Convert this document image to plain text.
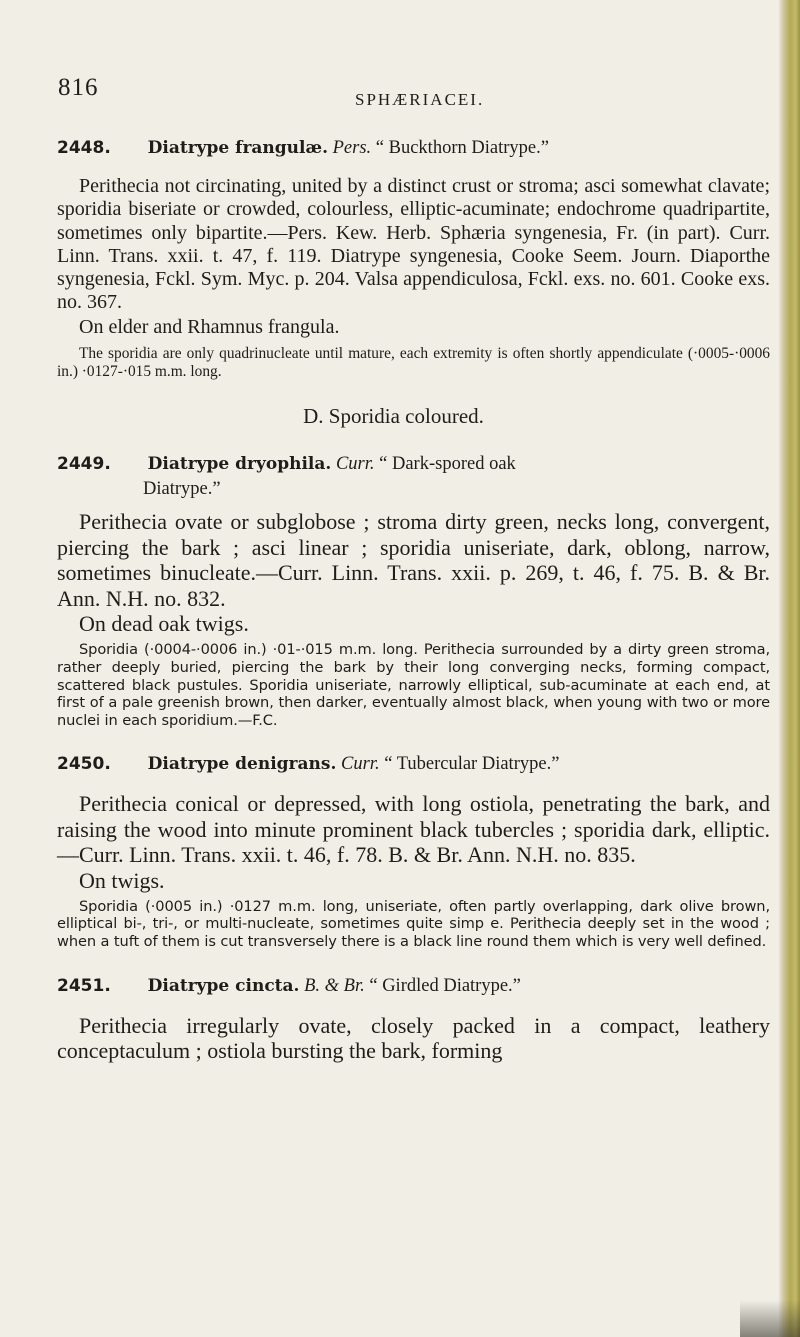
816	SPHÆRIACEI.

2448. Diatrype frangulæ. Pers. “ Buckthorn Diatrype.”

Perithecia not circinating, united by a distinct crust or stroma; asci somewhat clavate; sporidia biseriate or crowded, colourless, elliptic-acuminate; endochrome quadripartite, sometimes only bipartite.—Pers. Kew. Herb. Sphæria syngenesia, Fr. (in part). Curr. Linn. Trans. xxii. t. 47, f. 119. Diatrype syngenesia, Cooke Seem. Journ. Diaporthe syngenesia, Fckl. Sym. Myc. p. 204. Valsa appendiculosa, Fckl. exs. no. 601. Cooke exs. no. 367.

On elder and Rhamnus frangula.

The sporidia are only quadrinucleate until mature, each extremity is often shortly appendiculate (·0005-·0006 in.) ·0127-·015 m.m. long.

D. Sporidia coloured.

2449. Diatrype dryophila. Curr. “ Dark-spored oak

Diatrype.”

Perithecia ovate or subglobose ; stroma dirty green, necks long, convergent, piercing the bark ; asci linear ; sporidia uniseriate, dark, oblong, narrow, sometimes binucleate.—Curr. Linn. Trans. xxii. p. 269, t. 46, f. 75. B. & Br. Ann. N.H. no. 832.

On dead oak twigs.

Sporidia (·0004-·0006 in.) ·01-·015 m.m. long. Perithecia surrounded by a dirty green stroma, rather deeply buried, piercing the bark by their long converging necks, forming compact, scattered black pustules. Sporidia uniseriate, narrowly elliptical, sub-acuminate at each end, at first of a pale greenish brown, then darker, eventually almost black, when young with two or more nuclei in each sporidium.—F.C.

2450. Diatrype denigrans. Curr. “ Tubercular Diatrype.”

Perithecia conical or depressed, with long ostiola, penetrating the bark, and raising the wood into minute prominent black tubercles ; sporidia dark, elliptic.—Curr. Linn. Trans. xxii. t. 46, f. 78. B. & Br. Ann. N.H. no. 835.

On twigs.

Sporidia (·0005 in.) ·0127 m.m. long, uniseriate, often partly overlapping, dark olive brown, elliptical bi-, tri-, or multi-nucleate, sometimes quite simp e. Perithecia deeply set in the wood ; when a tuft of them is cut transversely there is a black line round them which is very well defined.

2451. Diatrype cincta. B. & Br. “ Girdled Diatrype.”

Perithecia irregularly ovate, closely packed in a compact, leathery conceptaculum ; ostiola bursting the bark, forming
